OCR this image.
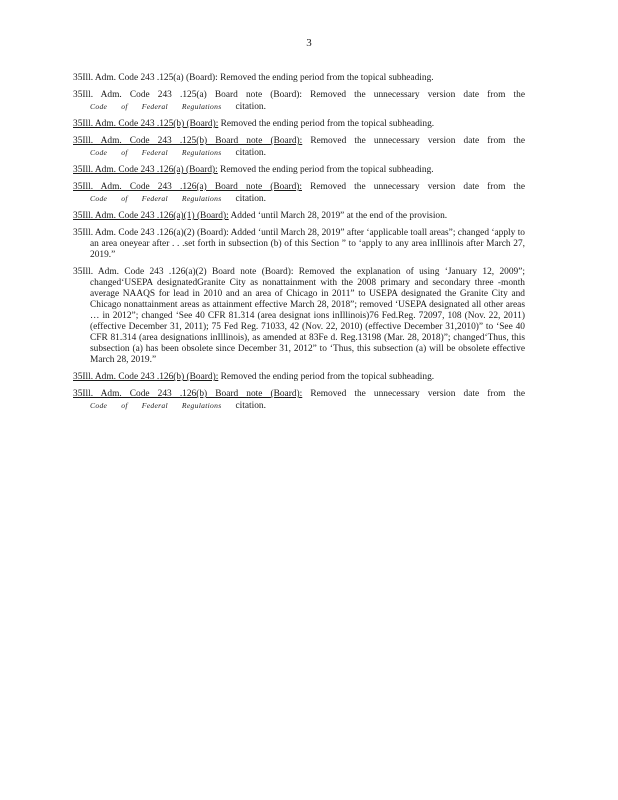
3

35Ill. Adm. Code 243 .125(a) (Board): Removed the ending period from the topical subheading.

35Ill. Adm. Code 243 .125(a) Board note (Board): Removed the unnecessary version date from the Code of Federal Regulations citation.

35Ill. Adm. Code 243 .125(b) (Board): Removed the ending period from the topical subheading.

35Ill. Adm. Code 243 .125(b) Board note (Board): Removed the unnecessary version date from the Code of Federal Regulations citation.

35Ill. Adm. Code 243 .126(a) (Board): Removed the ending period from the topical subheading.

35Ill. Adm. Code 243 .126(a) Board note (Board): Removed the unnecessary version date from the Code of Federal Regulations citation.

35Ill. Adm. Code 243 .126(a)(1) (Board): Added ‘until March 28, 2019” at the end of the provision.

35Ill. Adm. Code 243 .126(a)(2) (Board): Added ‘until March 28, 2019” after ‘applicable toall areas”; changed ‘apply to an area oneyear after . . .set forth in subsection (b) of this Section ” to ‘apply to any area inIllinois after March 27, 2019.”

35Ill. Adm. Code 243 .126(a)(2) Board note (Board): Removed the explanation of using ‘January 12, 2009”; changed‘USEPA designatedGranite City as nonattainment with the 2008 primary and secondary three -month average NAAQS for lead in 2010 and an area of Chicago in 2011” to USEPA designated the Granite City and Chicago nonattainment areas as attainment effective March 28, 2018”; removed ‘USEPA designated all other areas … in 2012”; changed ‘See 40 CFR 81.314 (area designat ions inIllinois)76 Fed.Reg. 72097, 108 (Nov. 22, 2011) (effective December 31, 2011); 75 Fed Reg. 71033, 42 (Nov. 22, 2010) (effective December 31,2010)” to ‘See 40 CFR 81.314 (area designations inIllinois), as amended at 83Fe d. Reg.13198 (Mar. 28, 2018)”; changed‘Thus, this subsection (a) has been obsolete since December 31, 2012” to ‘Thus, this subsection (a) will be obsolete effective March 28, 2019.”

35Ill. Adm. Code 243 .126(b) (Board): Removed the ending period from the topical subheading.

35Ill. Adm. Code 243 .126(b) Board note (Board): Removed the unnecessary version date from the Code of Federal Regulations citation.
